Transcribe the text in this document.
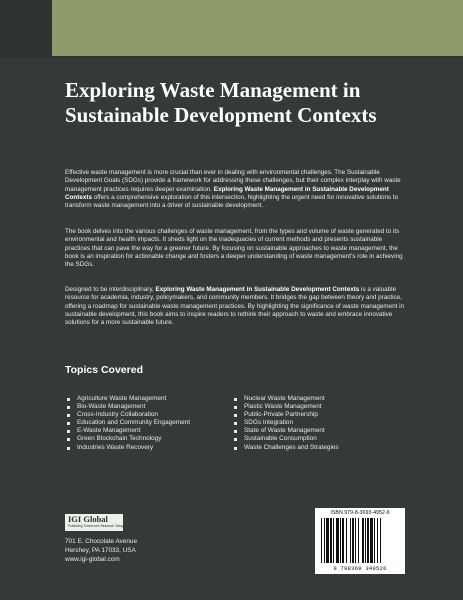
Exploring Waste Management in Sustainable Development Contexts

Effective waste management is more crucial than ever in dealing with environmental challenges. The Sustainable Development Goals (SDGs) provide a framework for addressing these challenges, but their complex interplay with waste management practices requires deeper examination. Exploring Waste Management in Sustainable Development Contexts offers a comprehensive exploration of this intersection, highlighting the urgent need for innovative solutions to transform waste management into a driver of sustainable development.

The book delves into the various challenges of waste management, from the types and volume of waste generated to its environmental and health impacts. It sheds light on the inadequacies of current methods and presents sustainable practices that can pave the way for a greener future. By focusing on sustainable approaches to waste management, the book is an inspiration for actionable change and fosters a deeper understanding of waste management's role in achieving the SDGs.

Designed to be interdisciplinary, Exploring Waste Management in Sustainable Development Contexts is a valuable resource for academia, industry, policymakers, and community members. It bridges the gap between theory and practice, offering a roadmap for sustainable waste management practices. By highlighting the significance of waste management in sustainable development, this book aims to inspire readers to rethink their approach to waste and embrace innovative solutions for a more sustainable future.

Topics Covered
Agriculture Waste Management
Bio-Waste Management
Cross-Industry Collaboration
Education and Community Engagement
E-Waste Management
Green Blockchain Technology
Industries Waste Recovery
Nuclear Waste Management
Plastic Waste Management
Public-Private Partnership
SDGs Integration
State of Waste Management
Sustainable Consumption
Waste Challenges and Strategies
IGI Global
Publishing Tomorrow's Research Today

701 E. Chocolate Avenue
Hershey, PA 17033, USA
www.igi-global.com

ISBN 979-8-3693-4952-6
9 798369 349526
